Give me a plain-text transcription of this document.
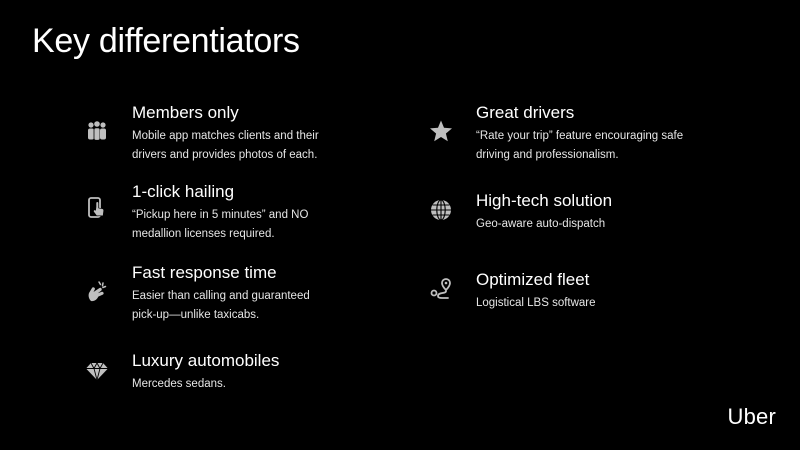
Key differentiators

Members only

Mobile app matches clients and their
drivers and provides photos of each.

1-click hailing

“Pickup here in 5 minutes” and NO
medallion licenses required.

Fast response time

Easier than calling and guaranteed
pick-up—unlike taxicabs.

Luxury automobiles

Mercedes sedans.

Great drivers

“Rate your trip” feature encouraging safe
driving and professionalism.

High-tech solution

Geo-aware auto-dispatch

Optimized fleet

Logistical LBS software

Uber
